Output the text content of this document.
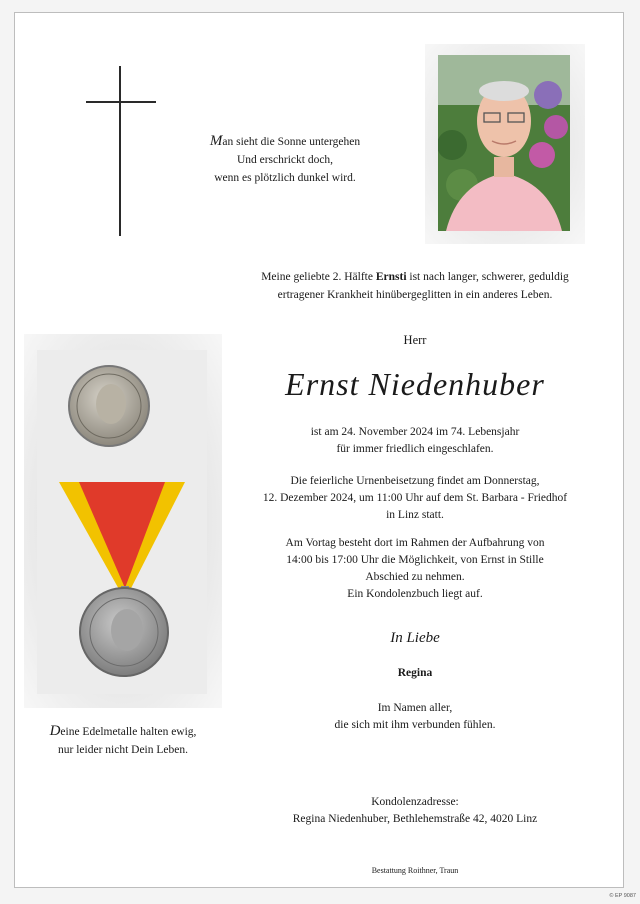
Man sieht die Sonne untergehen
Und erschrickt doch,
wenn es plötzlich dunkel wird.
Meine geliebte 2. Hälfte Ernsti ist nach langer, schwerer, geduldig
ertragener Krankheit hinübergeglitten in ein anderes Leben.
Deine Edelmetalle halten ewig,
nur leider nicht Dein Leben.
Herr
Ernst Niedenhuber
ist am 24. November 2024 im 74. Lebensjahr
für immer friedlich eingeschlafen.
Die feierliche Urnenbeisetzung findet am Donnerstag,
12. Dezember 2024, um 11:00 Uhr auf dem St. Barbara - Friedhof
in Linz statt.
Am Vortag besteht dort im Rahmen der Aufbahrung von
14:00 bis 17:00 Uhr die Möglichkeit, von Ernst in Stille
Abschied zu nehmen.
Ein Kondolenzbuch liegt auf.
In Liebe
Regina
Im Namen aller,
die sich mit ihm verbunden fühlen.
Kondolenzadresse:
Regina Niedenhuber, Bethlehemstraße 42, 4020 Linz
Bestattung Roithner, Traun
© EP 9087
